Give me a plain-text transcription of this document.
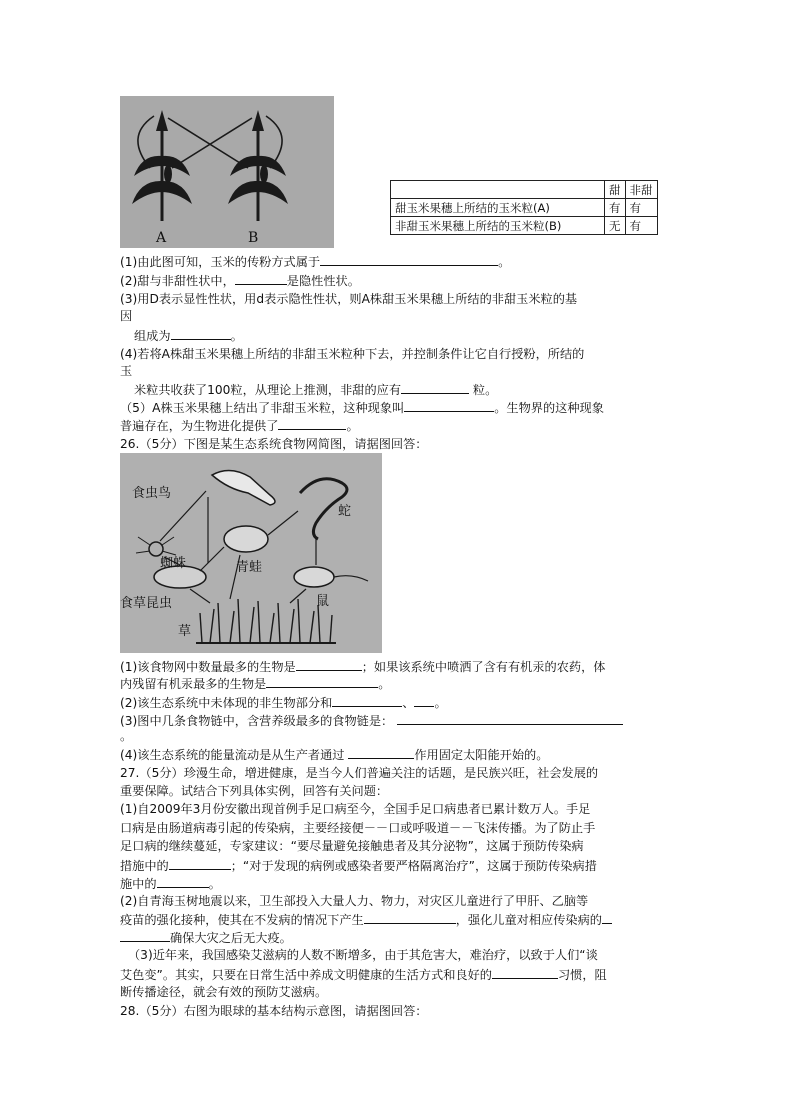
A	B
	甜	非甜
甜玉米果穗上所结的玉米粒(A)	有	有
非甜玉米果穗上所结的玉米粒(B)	无	有
(1)由此图可知，玉米的传粉方式属于	。
(2)甜与非甜性状中，	是隐性性状。
(3)用D表示显性性状，用d表示隐性性状，则A株甜玉米果穗上所结的非甜玉米粒的基
因
组成为	。
(4)若将A株甜玉米果穗上所结的非甜玉米粒种下去，并控制条件让它自行授粉，所结的
玉
米粒共收获了100粒，从理论上推测，非甜的应有	粒。
（5）A株玉米果穗上结出了非甜玉米粒，这种现象叫	。生物界的这种现象
普遍存在，为生物进化提供了	。
26.（5分）下图是某生态系统食物网简图，请据图回答：
食虫鸟
蛇
蜘蛛	青蛙
食草昆虫	鼠
草
(1)该食物网中数量最多的生物是	；如果该系统中喷洒了含有有机汞的农药，体
内残留有机汞最多的生物是	。
(2)该生态系统中未体现的非生物部分和	、 。
(3)图中几条食物链中，含营养级最多的食物链是：
。
(4)该生态系统的能量流动是从生产者通过	作用固定太阳能开始的。
27.（5分）珍漫生命，增进健康，是当今人们普遍关注的话题，是民族兴旺，社会发展的
重要保障。试结合下列具体实例，回答有关问题：
(1)自2009年3月份安徽出现首例手足口病至今，全国手足口病患者已累计数万人。手足
口病是由肠道病毒引起的传染病，主要经接便－－口或呼吸道－－飞沫传播。为了防止手
足口病的继续蔓延，专家建议：“要尽量避免接触患者及其分泌物”，这属于预防传染病
措施中的	；“对于发现的病例或感染者要严格隔离治疗”，这属于预防传染病措
施中的	。
(2)自青海玉树地震以来，卫生部投入大量人力、物力，对灾区儿童进行了甲肝、乙脑等
疫苗的强化接种，使其在不发病的情况下产生	，强化儿童对相应传染病的
确保大灾之后无大疫。
（3)近年来，我国感染艾滋病的人数不断增多，由于其危害大，难治疗，以致于人们“谈
艾色变”。其实，只要在日常生活中养成文明健康的生活方式和良好的	习惯，阻
断传播途径，就会有效的预防艾滋病。
28.（5分）右图为眼球的基本结构示意图，请据图回答：
